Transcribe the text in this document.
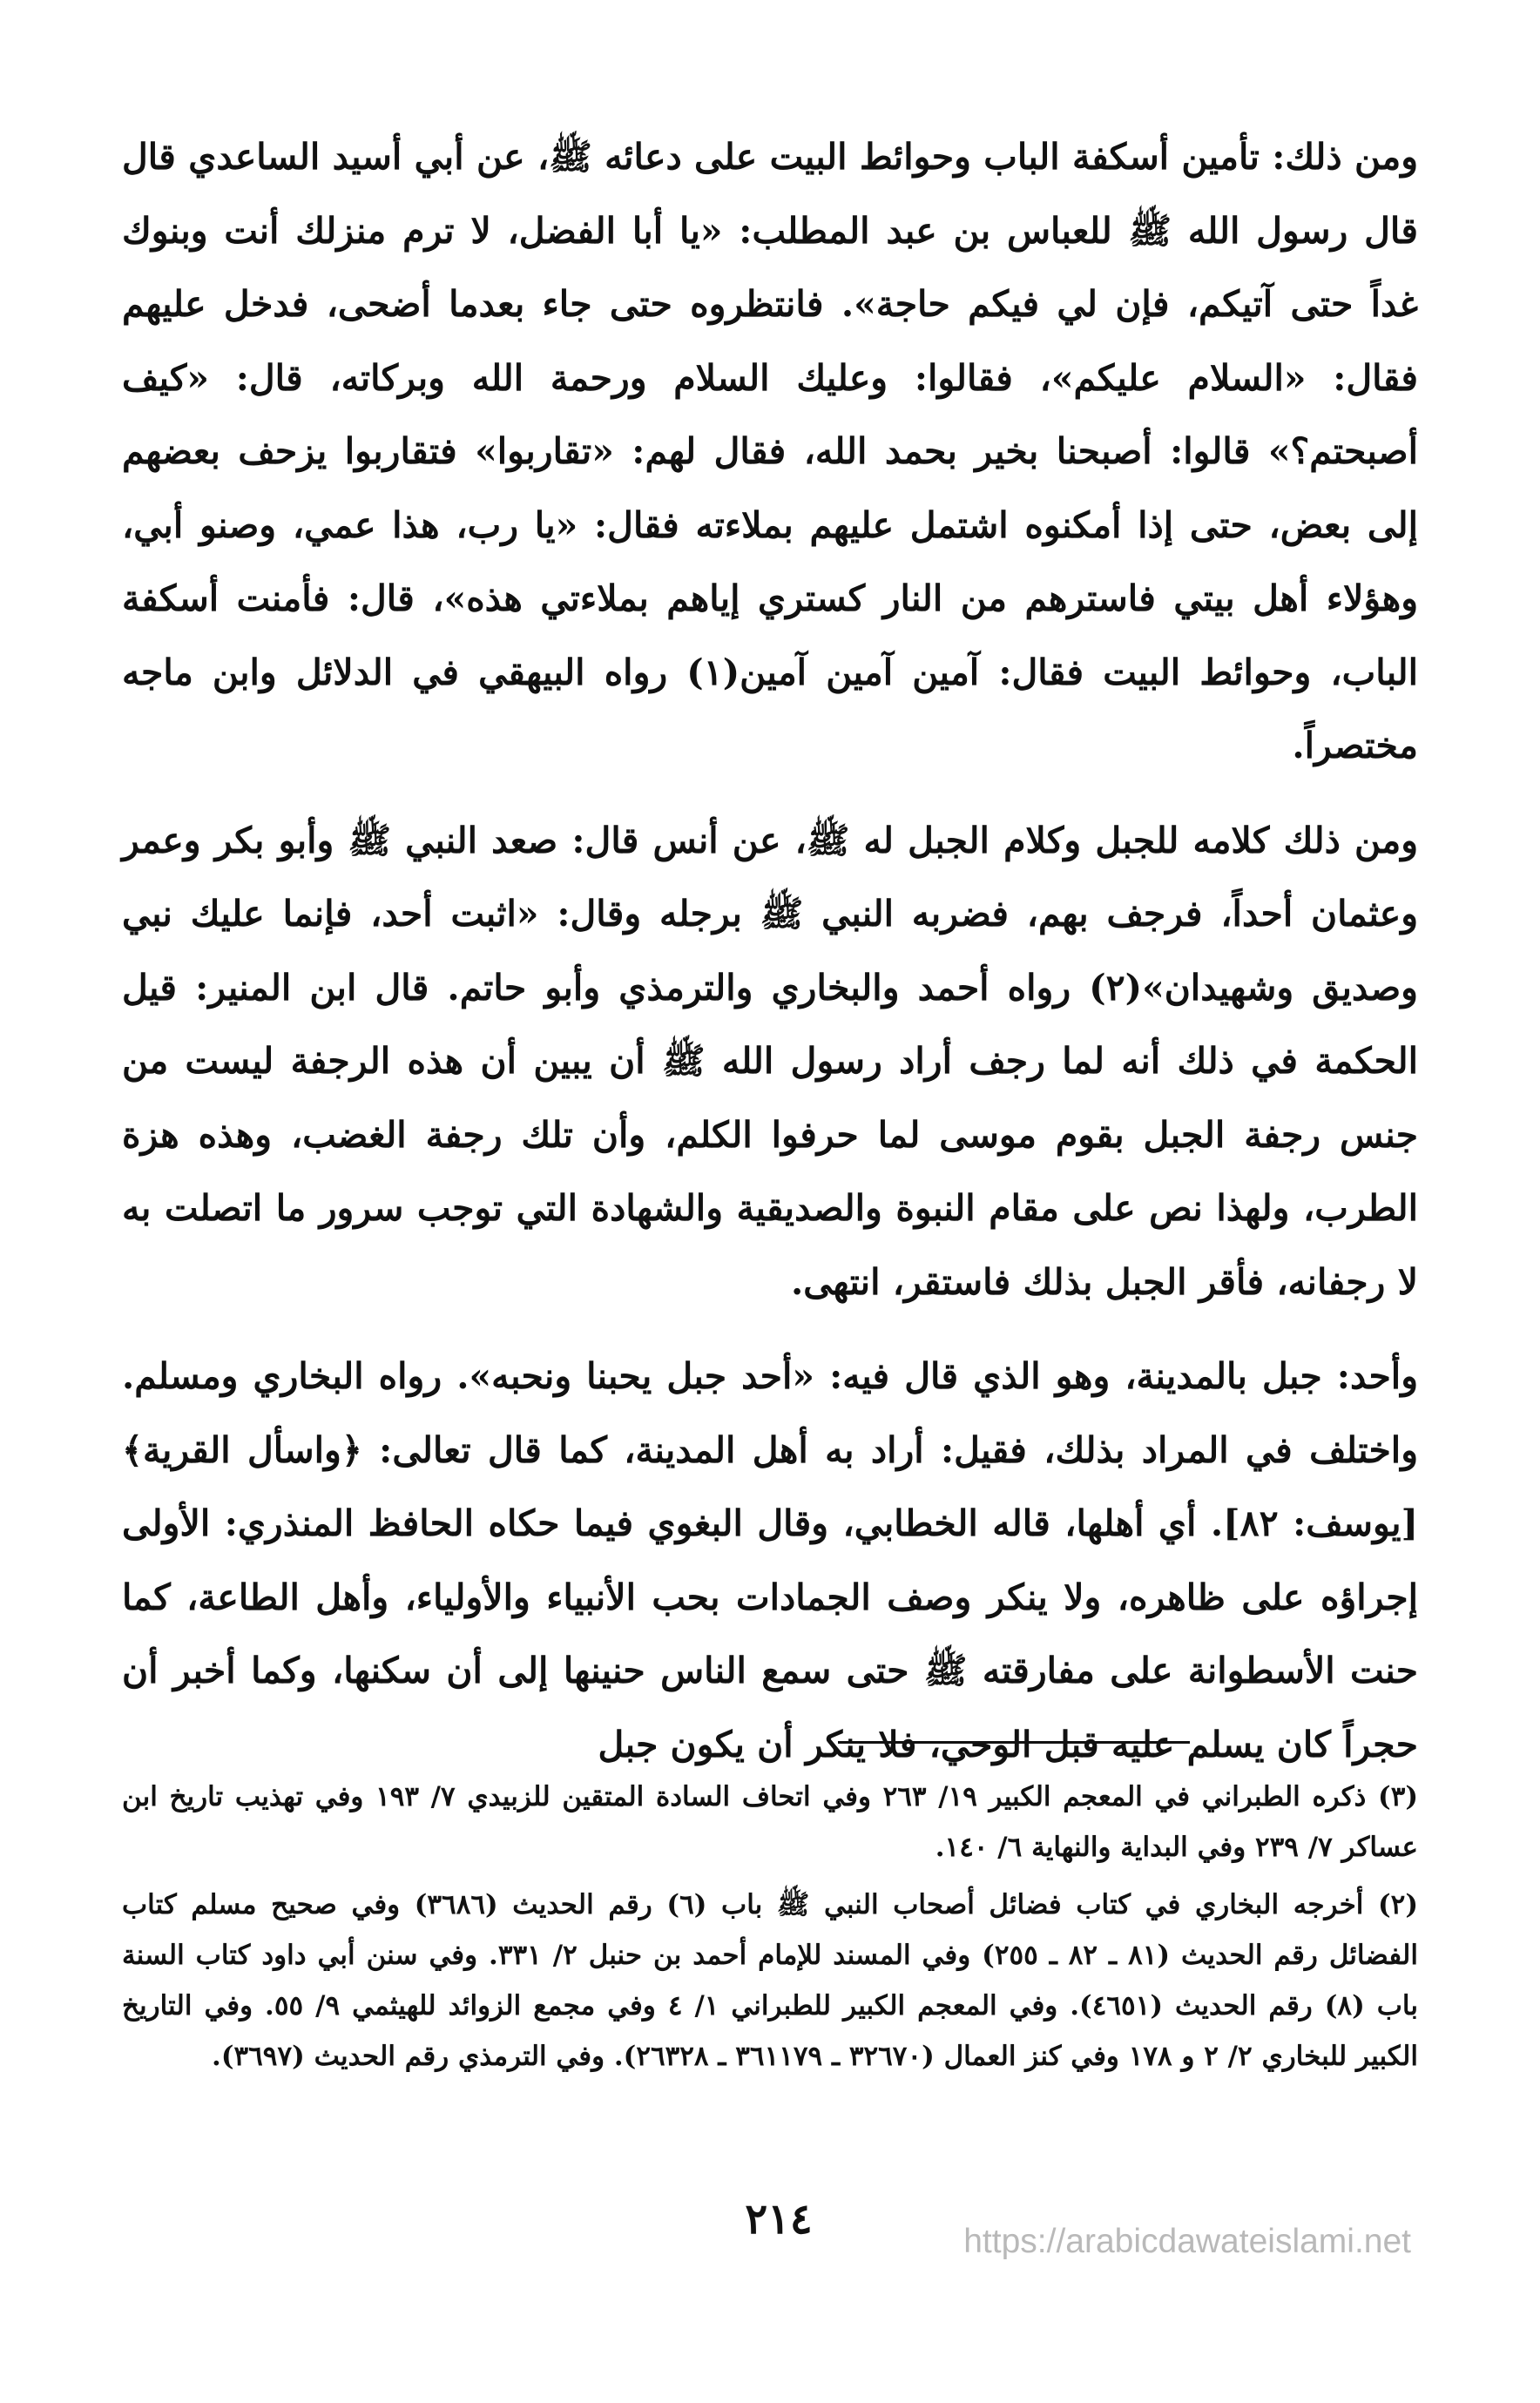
ومن ذلك: تأمين أسكفة الباب وحوائط البيت على دعائه ﷺ، عن أبي أسيد الساعدي قال قال رسول الله ﷺ للعباس بن عبد المطلب: «يا أبا الفضل، لا ترم منزلك أنت وبنوك غداً حتى آتيكم، فإن لي فيكم حاجة». فانتظروه حتى جاء بعدما أضحى، فدخل عليهم فقال: «السلام عليكم»، فقالوا: وعليك السلام ورحمة الله وبركاته، قال: «كيف أصبحتم؟» قالوا: أصبحنا بخير بحمد الله، فقال لهم: «تقاربوا» فتقاربوا يزحف بعضهم إلى بعض، حتى إذا أمكنوه اشتمل عليهم بملاءته فقال: «يا رب، هذا عمي، وصنو أبي، وهؤلاء أهل بيتي فاسترهم من النار كستري إياهم بملاءتي هذه»، قال: فأمنت أسكفة الباب، وحوائط البيت فقال: آمين آمين آمين(١) رواه البيهقي في الدلائل وابن ماجه مختصراً.

ومن ذلك كلامه للجبل وكلام الجبل له ﷺ، عن أنس قال: صعد النبي ﷺ وأبو بكر وعمر وعثمان أحداً، فرجف بهم، فضربه النبي ﷺ برجله وقال: «اثبت أحد، فإنما عليك نبي وصديق وشهيدان»(٢) رواه أحمد والبخاري والترمذي وأبو حاتم. قال ابن المنير: قيل الحكمة في ذلك أنه لما رجف أراد رسول الله ﷺ أن يبين أن هذه الرجفة ليست من جنس رجفة الجبل بقوم موسى لما حرفوا الكلم، وأن تلك رجفة الغضب، وهذه هزة الطرب، ولهذا نص على مقام النبوة والصديقية والشهادة التي توجب سرور ما اتصلت به لا رجفانه، فأقر الجبل بذلك فاستقر، انتهى.

وأحد: جبل بالمدينة، وهو الذي قال فيه: «أحد جبل يحبنا ونحبه». رواه البخاري ومسلم. واختلف في المراد بذلك، فقيل: أراد به أهل المدينة، كما قال تعالى: ﴿واسأل القرية﴾ [يوسف: ٨٢]. أي أهلها، قاله الخطابي، وقال البغوي فيما حكاه الحافظ المنذري: الأولى إجراؤه على ظاهره، ولا ينكر وصف الجمادات بحب الأنبياء والأولياء، وأهل الطاعة، كما حنت الأسطوانة على مفارقته ﷺ حتى سمع الناس حنينها إلى أن سكنها، وكما أخبر أن حجراً كان يسلم عليه قبل الوحي، فلا ينكر أن يكون جبل

(٣) ذكره الطبراني في المعجم الكبير ١٩/ ٢٦٣ وفي اتحاف السادة المتقين للزبيدي ٧/ ١٩٣ وفي تهذيب تاريخ ابن عساكر ٧/ ٢٣٩ وفي البداية والنهاية ٦/ ١٤٠.

(٢) أخرجه البخاري في كتاب فضائل أصحاب النبي ﷺ باب (٦) رقم الحديث (٣٦٨٦) وفي صحيح مسلم كتاب الفضائل رقم الحديث (٨١ ـ ٨٢ ـ ٢٥٥) وفي المسند للإمام أحمد بن حنبل ٢/ ٣٣١. وفي سنن أبي داود كتاب السنة باب (٨) رقم الحديث (٤٦٥١). وفي المعجم الكبير للطبراني ١/ ٤ وفي مجمع الزوائد للهيثمي ٩/ ٥٥. وفي التاريخ الكبير للبخاري ٢/ ٢ و ١٧٨ وفي كنز العمال (٣٢٦٧٠ ـ ٣٦١١٧٩ ـ ٢٦٣٢٨). وفي الترمذي رقم الحديث (٣٦٩٧).

٢١٤	https://arabicdawateislami.net
